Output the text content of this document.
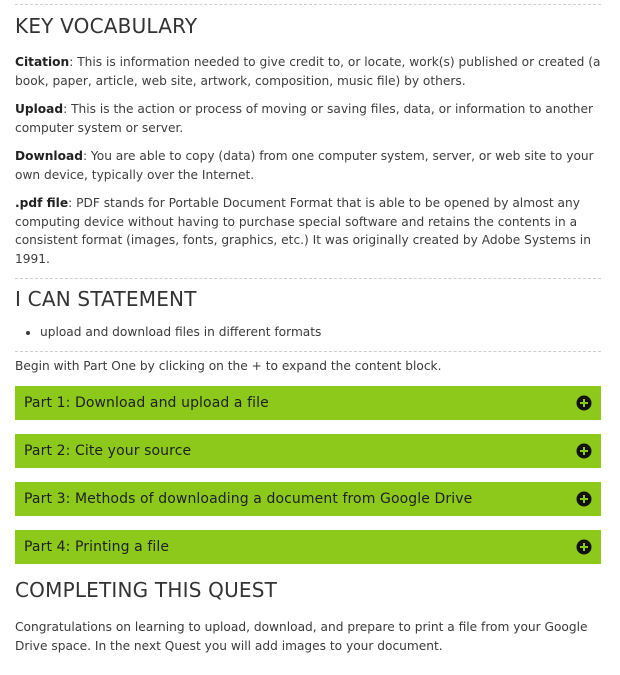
KEY VOCABULARY

Citation: This is information needed to give credit to, or locate, work(s) published or created (a book, paper, article, web site, artwork, composition, music file) by others.

Upload: This is the action or process of moving or saving files, data, or information to another computer system or server.

Download: You are able to copy (data) from one computer system, server, or web site to your own device, typically over the Internet.

.pdf file: PDF stands for Portable Document Format that is able to be opened by almost any computing device without having to purchase special software and retains the contents in a consistent format (images, fonts, graphics, etc.) It was originally created by Adobe Systems in 1991.

I CAN STATEMENT
• upload and download files in different formats

Begin with Part One by clicking on the + to expand the content block.

Part 1: Download and upload a file
Part 2: Cite your source
Part 3: Methods of downloading a document from Google Drive
Part 4: Printing a file
COMPLETING THIS QUEST

Congratulations on learning to upload, download, and prepare to print a file from your Google Drive space. In the next Quest you will add images to your document.
